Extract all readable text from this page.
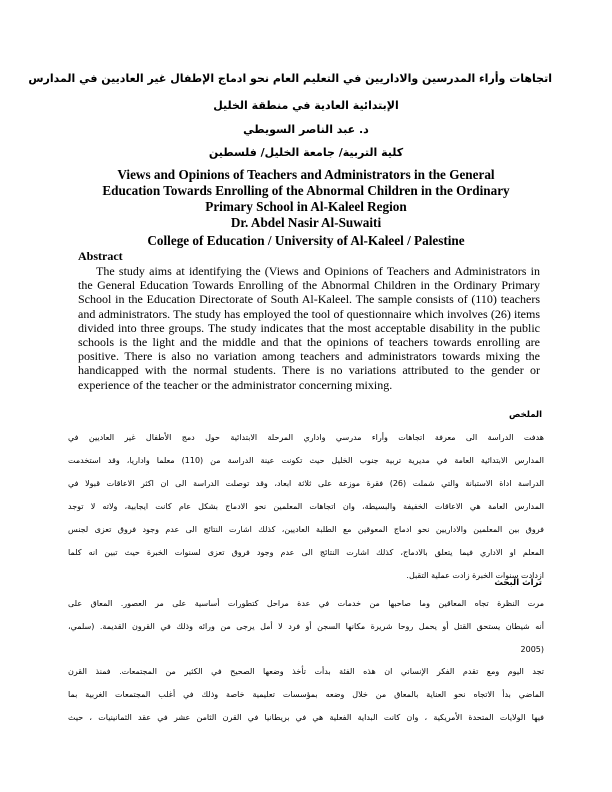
اتجاهات وأراء المدرسين والاداريين في التعليم العام نحو ادماج الإطفال غير العاديين في المدارس
الإبتدائية العادية في منطقة الخليل
د. عبد الناصر السويطي
كلية التربية/ جامعة الخليل/ فلسطين
Views and Opinions of Teachers and Administrators in the General
Education Towards Enrolling of the Abnormal Children in the Ordinary
Primary School in Al-Kaleel Region
Dr. Abdel Nasir Al-Suwaiti
College of Education / University of Al-Kaleel / Palestine
Abstract

The study aims at identifying the (Views and Opinions of Teachers and Administrators in the General Education Towards Enrolling of the Abnormal Children in the Ordinary Primary School in the Education Directorate of South Al-Kaleel. The sample consists of (110) teachers and administrators. The study has employed the tool of questionnaire which involves (26) items divided into three groups. The study indicates that the most acceptable disability in the public schools is the light and the middle and that the opinions of teachers towards enrolling are positive. There is also no variation among teachers and administrators towards mixing the handicapped with the normal students. There is no variations attributed to the gender or experience of the teacher or the administrator concerning mixing.

الملخص
هدفت الدراسة الى معرفة اتجاهات وأراء مدرسي واداري المرحلة الابتدائية حول دمج الأطفال غير العاديين في
المدارس الابتدائية العامة في مديرية تربية جنوب الخليل حيث تكونت عينة الدراسة من (110) معلما واداريا، وقد استخدمت
الدراسة اداة الاستبانة والتي شملت (26) فقرة موزعة على ثلاثة ابعاد، وقد توصلت الدراسة الى ان اكثر الاعاقات قبولا في
المدارس العامة هي الاعاقات الخفيفة والبسيطة، وان اتجاهات المعلمين نحو الادماج بشكل عام كانت ايجابية، ولاته لا توجد
فروق بين المعلمين والاداريين نحو ادماج المعوقين مع الطلبة العاديين، كذلك اشارت النتائج الى عدم وجود فروق تعزى لجنس
المعلم او الاداري فيما يتعلق بالادماج، كذلك اشارت النتائج الى عدم وجود فروق تعزى لسنوات الخبرة حيث تبين انه كلما
ازدادت سنوات الخبرة زادت عملية التقبل.
تراث البحث
مرت النظرة تجاه المعاقين وما صاحبها من خدمات في عدة مراحل كتطورات أساسية على مر العصور. المعاق على
أنه شيطان يستحق القتل أو يحمل روحا شريرة مكانها السجن أو فرد لا أمل يرجى من ورائه وذلك في القرون القديمة. (سلمي،
(2005
تجد اليوم ومع تقدم الفكر الإنساني ان هذه الفئة بدأت تأخذ وضعها الصحيح في الكثير من المجتمعات. فمنذ القرن
الماضي بدأ الاتجاه نحو العناية بالمعاق من خلال وضعه بمؤسسات تعليمية خاصة وذلك في أغلب المجتمعات الغربية بما
فيها الولايات المتحدة الأمريكية ، وان كانت البداية الفعلية هي في بريطانيا في القرن الثامن عشر في عقد الثمانينيات ، حيث
